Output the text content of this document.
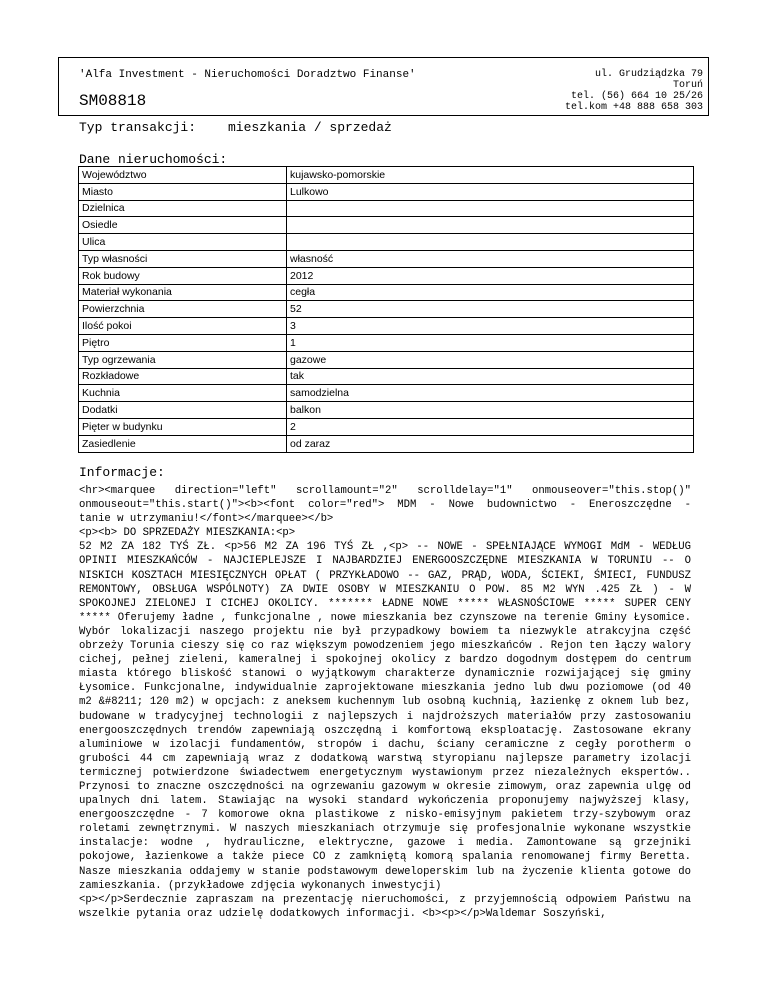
'Alfa Investment - Nieruchomości Doradztwo Finanse'	ul. Grudziądzka 79
Toruń
tel. (56) 664 10 25/26
tel.kom +48 888 658 303
SM08818
Typ transakcji: mieszkania / sprzedaż
Dane nieruchomości:
Województwo	kujawsko-pomorskie
Miasto	Lulkowo
Dzielnica	
Osiedle	
Ulica	
Typ własności	własność
Rok budowy	2012
Materiał wykonania	cegła
Powierzchnia	52
Ilość pokoi	3
Piętro	1
Typ ogrzewania	gazowe
Rozkładowe	tak
Kuchnia	samodzielna
Dodatki	balkon
Pięter w budynku	2
Zasiedlenie	od zaraz
Informacje:
<hr><marquee direction="left" scrollamount="2" scrolldelay="1" onmouseover="this.stop()"
onmouseout="this.start()"><b><font color="red"> MDM - Nowe budownictwo - Eneroszczędne -
tanie w utrzymaniu!</font></marquee></b>
<p><b> DO SPRZEDAŻY MIESZKANIA:<p>
52 M2 ZA 182 TYŚ ZŁ. <p>56 M2 ZA 196 TYŚ ZŁ ,<p> -- NOWE - SPEŁNIAJĄCE WYMOGI MdM - WEDŁUG OPINII MIESZKAŃCÓW - NAJCIEPLEJSZE I NAJBARDZIEJ ENERGOOSZCZĘDNE MIESZKANIA W TORUNIU -- O NISKICH KOSZTACH MIESIĘCZNYCH OPŁAT ( PRZYKŁADOWO -- GAZ, PRĄD, WODA, ŚCIEKI, ŚMIECI, FUNDUSZ REMONTOWY, OBSŁUGA WSPÓLNOTY) ZA DWIE OSOBY W MIESZKANIU O POW. 85 M2 WYN .425 ZŁ ) - W SPOKOJNEJ ZIELONEJ I CICHEJ OKOLICY. ******* ŁADNE NOWE ***** WŁASNOŚCIOWE ***** SUPER CENY ***** Oferujemy ładne , funkcjonalne , nowe mieszkania bez czynszowe na terenie Gminy Łysomice. Wybór lokalizacji naszego projektu nie był przypadkowy bowiem ta niezwykle atrakcyjna część obrzeży Torunia cieszy się co raz większym powodzeniem jego mieszkańców . Rejon ten łączy walory cichej, pełnej zieleni, kameralnej i spokojnej okolicy z bardzo dogodnym dostępem do centrum miasta którego bliskość stanowi o wyjątkowym charakterze dynamicznie rozwijającej się gminy Łysomice. Funkcjonalne, indywidualnie zaprojektowane mieszkania jedno lub dwu poziomowe (od 40 m2 &#8211; 120 m2) w opcjach: z aneksem kuchennym lub osobną kuchnią, łazienkę z oknem lub bez, budowane w tradycyjnej technologii z najlepszych i najdroższych materiałów przy zastosowaniu energooszczędnych trendów zapewniają oszczędną i komfortową eksploatację. Zastosowane ekrany aluminiowe w izolacji fundamentów, stropów i dachu, ściany ceramiczne z cegły porotherm o grubości 44 cm zapewniają wraz z dodatkową warstwą styropianu najlepsze parametry izolacji termicznej potwierdzone świadectwem energetycznym wystawionym przez niezależnych ekspertów.. Przynosi to znaczne oszczędności na ogrzewaniu gazowym w okresie zimowym, oraz zapewnia ulgę od upalnych dni latem. Stawiając na wysoki standard wykończenia proponujemy najwyższej klasy, energooszczędne - 7 komorowe okna plastikowe z nisko-emisyjnym pakietem trzy-szybowym oraz roletami zewnętrznymi. W naszych mieszkaniach otrzymuje się profesjonalnie wykonane wszystkie instalacje: wodne , hydrauliczne, elektryczne, gazowe i media. Zamontowane są grzejniki pokojowe, łazienkowe a także piece CO z zamkniętą komorą spalania renomowanej firmy Beretta. Nasze mieszkania oddajemy w stanie podstawowym deweloperskim lub na życzenie klienta gotowe do zamieszkania. (przykładowe zdjęcia wykonanych inwestycji)
<p></p>Serdecznie zapraszam na prezentację nieruchomości, z przyjemnością odpowiem Państwu na wszelkie pytania oraz udzielę dodatkowych informacji. <b><p></p>Waldemar Soszyński,
